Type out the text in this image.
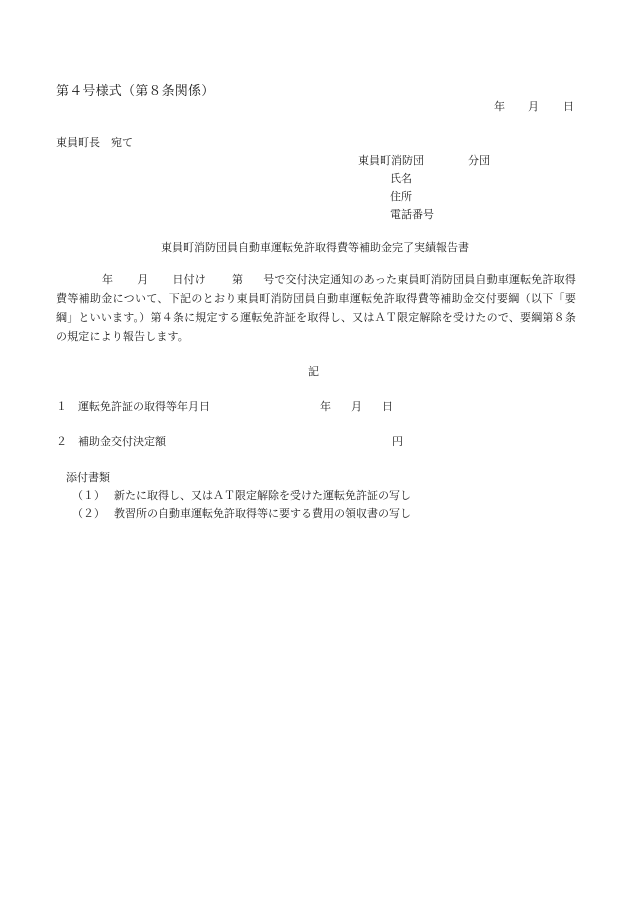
第４号様式（第８条関係）
年 月 日
東員町長　宛て
東員町消防団	分団
氏名
住所
電話番号
東員町消防団員自動車運転免許取得費等補助金完了実績報告書
年 月 日付け 第 号で交付決定通知のあった東員町消防団員自動車運転免許取得費等補助金について、下記のとおり東員町消防団員自動車運転免許取得費等補助金交付要綱（以下「要綱」といいます。）第４条に規定する運転免許証を取得し、又はＡＴ限定解除を受けたので、要綱第８条の規定により報告します。
記
１ 運転免許証の取得等年月日	年 月 日
２ 補助金交付決定額	円
添付書類
（１） 新たに取得し、又はＡＴ限定解除を受けた運転免許証の写し
（２） 教習所の自動車運転免許取得等に要する費用の領収書の写し
